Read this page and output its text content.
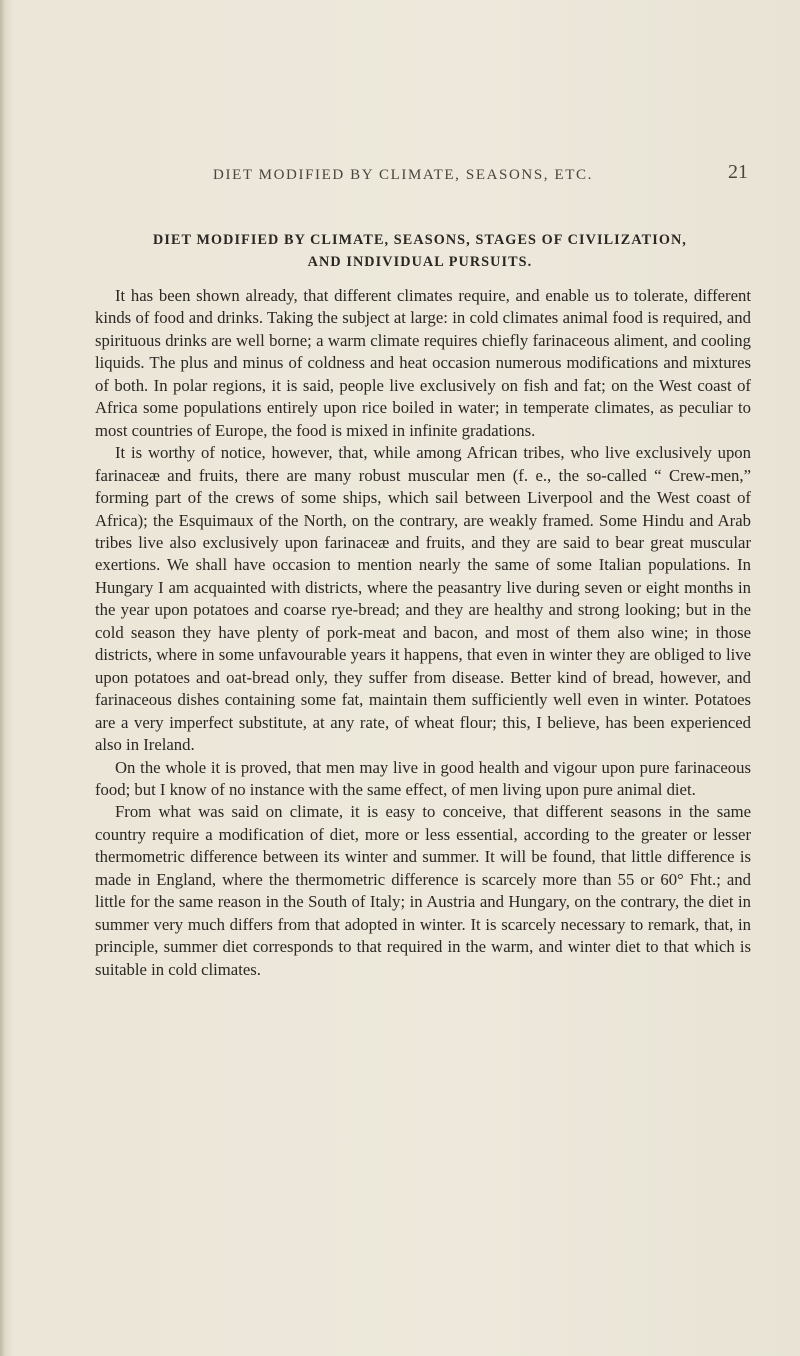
DIET MODIFIED BY CLIMATE, SEASONS, ETC.	21
DIET MODIFIED BY CLIMATE, SEASONS, STAGES OF CIVILIZATION,
AND INDIVIDUAL PURSUITS.

It has been shown already, that different climates require, and enable us to tolerate, different kinds of food and drinks. Taking the subject at large: in cold climates animal food is required, and spirituous drinks are well borne; a warm climate requires chiefly farinaceous aliment, and cooling liquids. The plus and minus of coldness and heat occasion numerous modifications and mixtures of both. In polar regions, it is said, people live exclusively on fish and fat; on the West coast of Africa some populations entirely upon rice boiled in water; in temperate climates, as peculiar to most countries of Europe, the food is mixed in infinite gradations.

It is worthy of notice, however, that, while among African tribes, who live exclusively upon farinaceæ and fruits, there are many robust muscular men (f. e., the so-called “ Crew-men,” forming part of the crews of some ships, which sail between Liverpool and the West coast of Africa); the Esquimaux of the North, on the contrary, are weakly framed. Some Hindu and Arab tribes live also exclusively upon farinaceæ and fruits, and they are said to bear great muscular exertions. We shall have occasion to mention nearly the same of some Italian populations. In Hungary I am acquainted with districts, where the peasantry live during seven or eight months in the year upon potatoes and coarse rye-bread; and they are healthy and strong looking; but in the cold season they have plenty of pork-meat and bacon, and most of them also wine; in those districts, where in some unfavourable years it happens, that even in winter they are obliged to live upon potatoes and oat-bread only, they suffer from disease. Better kind of bread, however, and farinaceous dishes containing some fat, maintain them sufficiently well even in winter. Potatoes are a very imperfect substitute, at any rate, of wheat flour; this, I believe, has been experienced also in Ireland.

On the whole it is proved, that men may live in good health and vigour upon pure farinaceous food; but I know of no instance with the same effect, of men living upon pure animal diet.

From what was said on climate, it is easy to conceive, that different seasons in the same country require a modification of diet, more or less essential, according to the greater or lesser thermometric difference between its winter and summer. It will be found, that little difference is made in England, where the thermometric difference is scarcely more than 55 or 60° Fht.; and little for the same reason in the South of Italy; in Austria and Hungary, on the contrary, the diet in summer very much differs from that adopted in winter. It is scarcely necessary to remark, that, in principle, summer diet corresponds to that required in the warm, and winter diet to that which is suitable in cold climates.
